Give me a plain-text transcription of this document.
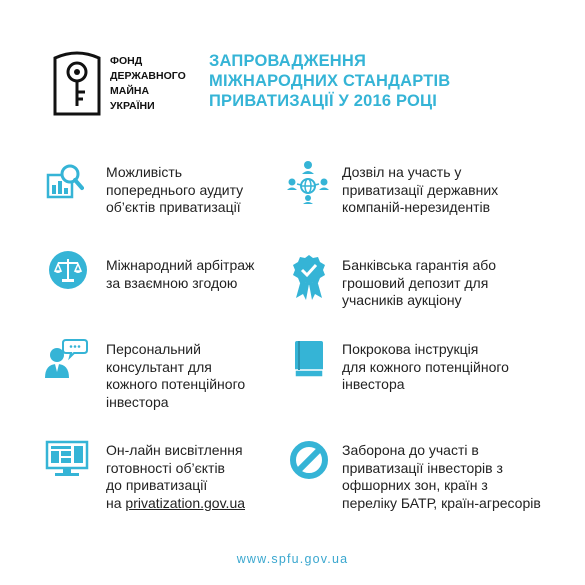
ФОНД
ДЕРЖАВНОГО
МАЙНА
УКРАЇНИ
ЗАПРОВАДЖЕННЯ
МІЖНАРОДНИХ СТАНДАРТІВ
ПРИВАТИЗАЦІЇ У 2016 РОЦІ
Можливість
попереднього аудиту
об’єктів приватизації
Дозвіл на участь у
приватизації державних
компаній-нерезидентів
Міжнародний арбітраж
за взаємною згодою
Банківська гарантія або
грошовий депозит для
учасників аукціону
Персональний
консультант для
кожного потенційного
інвестора
Покрокова інструкція
для кожного потенційного
інвестора
Он-лайн висвітлення
готовності об’єктів
до приватизації
на privatization.gov.ua
Заборона до участі в
приватизації інвесторів з
офшорних зон, країн з
переліку БАТР, країн-агресорів
www.spfu.gov.ua
